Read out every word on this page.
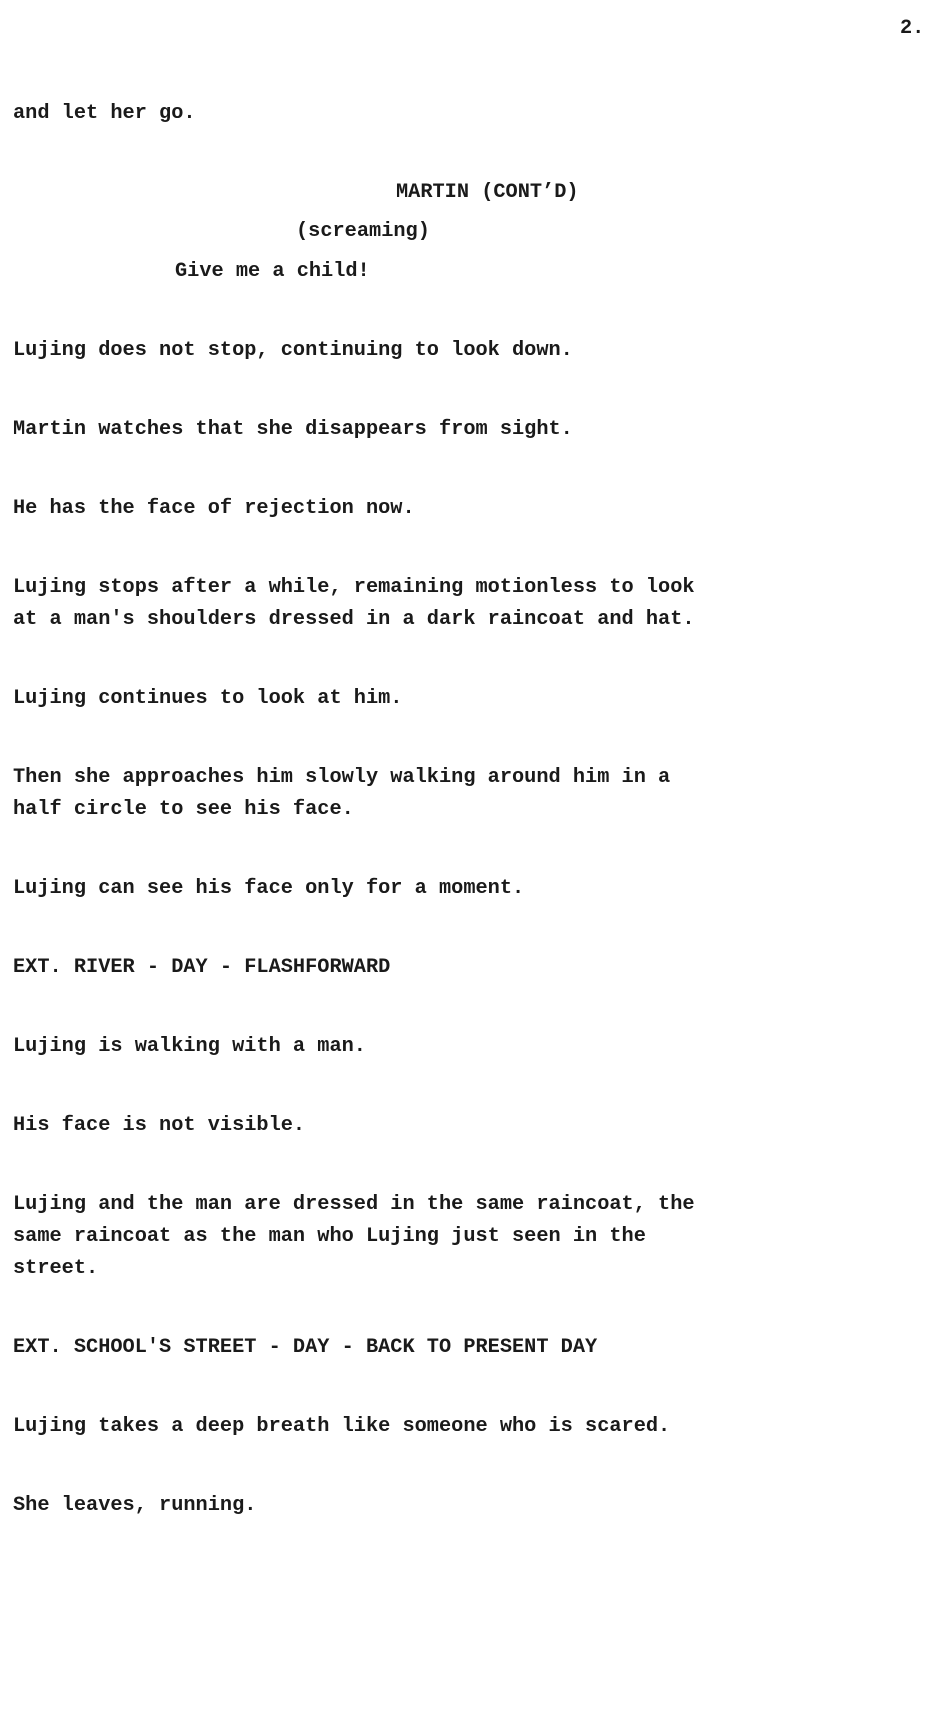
2.
and let her go.
MARTIN (CONT’D)
(screaming)
Give me a child!
Lujing does not stop, continuing to look down.
Martin watches that she disappears from sight.
He has the face of rejection now.
Lujing stops after a while, remaining motionless to look
at a man's shoulders dressed in a dark raincoat and hat.
Lujing continues to look at him.
Then she approaches him slowly walking around him in a
half circle to see his face.
Lujing can see his face only for a moment.
EXT. RIVER - DAY - FLASHFORWARD
Lujing is walking with a man.
His face is not visible.
Lujing and the man are dressed in the same raincoat, the
same raincoat as the man who Lujing just seen in the
street.
EXT. SCHOOL'S STREET - DAY - BACK TO PRESENT DAY
Lujing takes a deep breath like someone who is scared.
She leaves, running.
